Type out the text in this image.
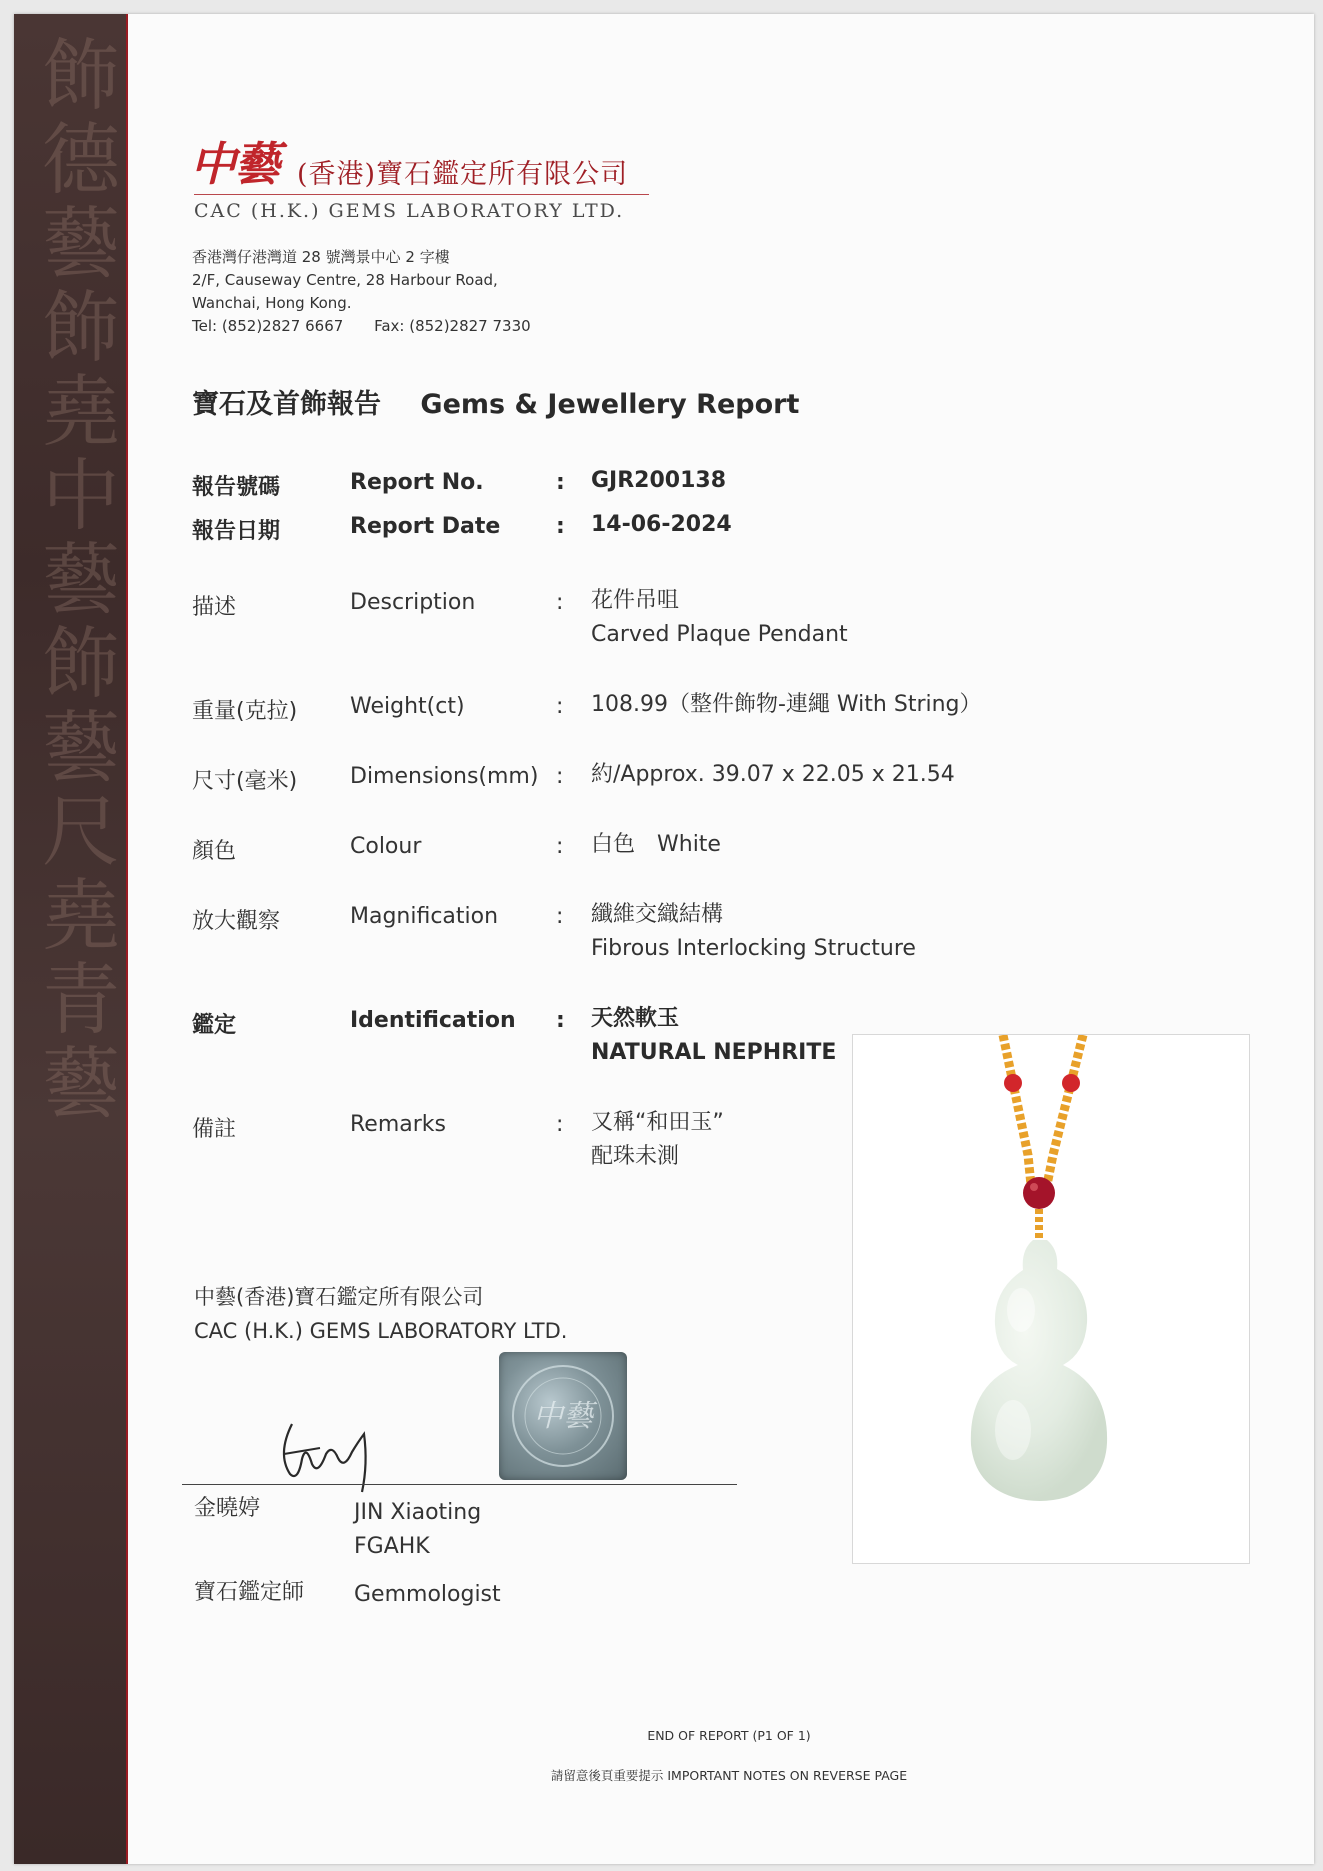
飾德藝飾堯中藝飾藝尺堯青藝 中藝 (香港)寶石鑑定所有限公司
CAC (H.K.) GEMS LABORATORY LTD.
香港灣仔港灣道 28 號灣景中心 2 字樓
2/F, Causeway Centre, 28 Harbour Road,
Wanchai, Hong Kong.
Tel: (852)2827 6667 Fax: (852)2827 7330
寶石及首飾報告 Gems & Jewellery Report
報告號碼	Report No.	: GJR200138
報告日期	Report Date	: 14-06-2024
描述	Description	: 花件吊咀
Carved Plaque Pendant
重量(克拉) Weight(ct)	: 108.99（整件飾物-連繩 With String）
尺寸(毫米) Dimensions(mm) : 約/Approx. 39.07 x 22.05 x 21.54
顏色	Colour	: 白色　White
放大觀察	Magnification	: 纖維交織結構
Fibrous Interlocking Structure
鑑定	Identification : 天然軟玉
NATURAL NEPHRITE
備註	Remarks	: 又稱“和田玉”
配珠未測
中藝(香港)寶石鑑定所有限公司
CAC (H.K.) GEMS LABORATORY LTD.
中藝
金曉婷	JIN Xiaoting
FGAHK
寶石鑑定師 Gemmologist
END OF REPORT (P1 OF 1)
請留意後頁重要提示 IMPORTANT NOTES ON REVERSE PAGE
